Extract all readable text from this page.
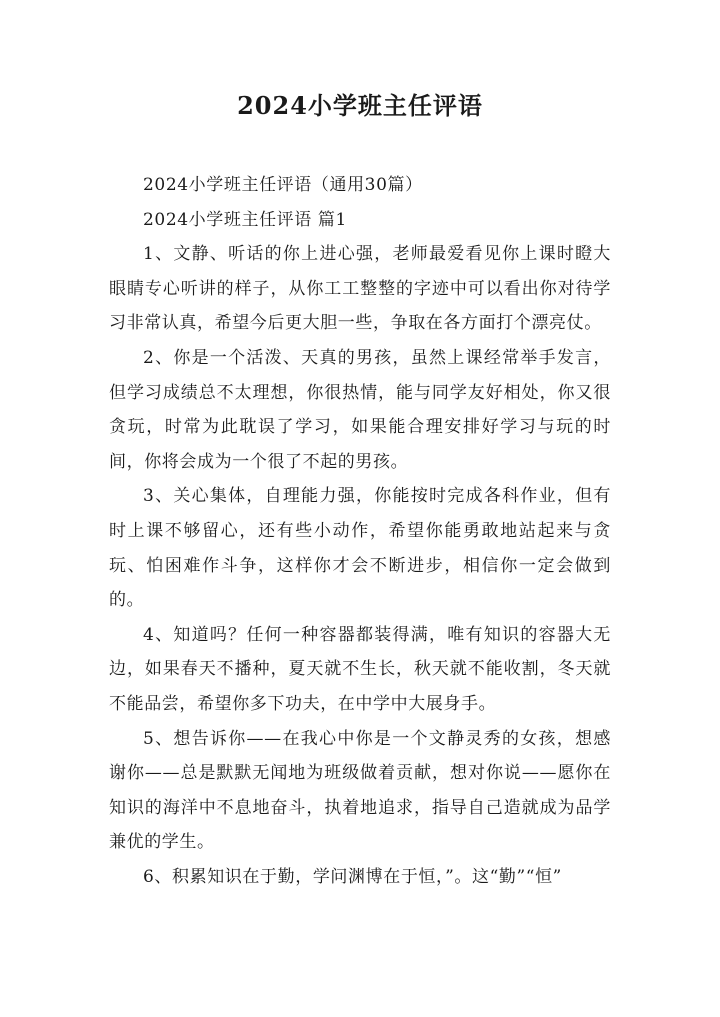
2024小学班主任评语

2024小学班主任评语（通用30篇）

2024小学班主任评语 篇1

1、文静、听话的你上进心强，老师最爱看见你上课时瞪大眼睛专心听讲的样子，从你工工整整的字迹中可以看出你对待学习非常认真，希望今后更大胆一些，争取在各方面打个漂亮仗。

2、你是一个活泼、天真的男孩，虽然上课经常举手发言，但学习成绩总不太理想，你很热情，能与同学友好相处，你又很贪玩，时常为此耽误了学习，如果能合理安排好学习与玩的时间，你将会成为一个很了不起的男孩。

3、关心集体，自理能力强，你能按时完成各科作业，但有时上课不够留心，还有些小动作，希望你能勇敢地站起来与贪玩、怕困难作斗争，这样你才会不断进步，相信你一定会做到的。

4、知道吗？任何一种容器都装得满，唯有知识的容器大无边，如果春天不播种，夏天就不生长，秋天就不能收割，冬天就不能品尝，希望你多下功夫，在中学中大展身手。

5、想告诉你——在我心中你是一个文静灵秀的女孩，想感谢你——总是默默无闻地为班级做着贡献，想对你说——愿你在知识的海洋中不息地奋斗，执着地追求，指导自己造就成为品学兼优的学生。

6、积累知识在于勤，学问渊博在于恒，”。这“勤”“恒”
